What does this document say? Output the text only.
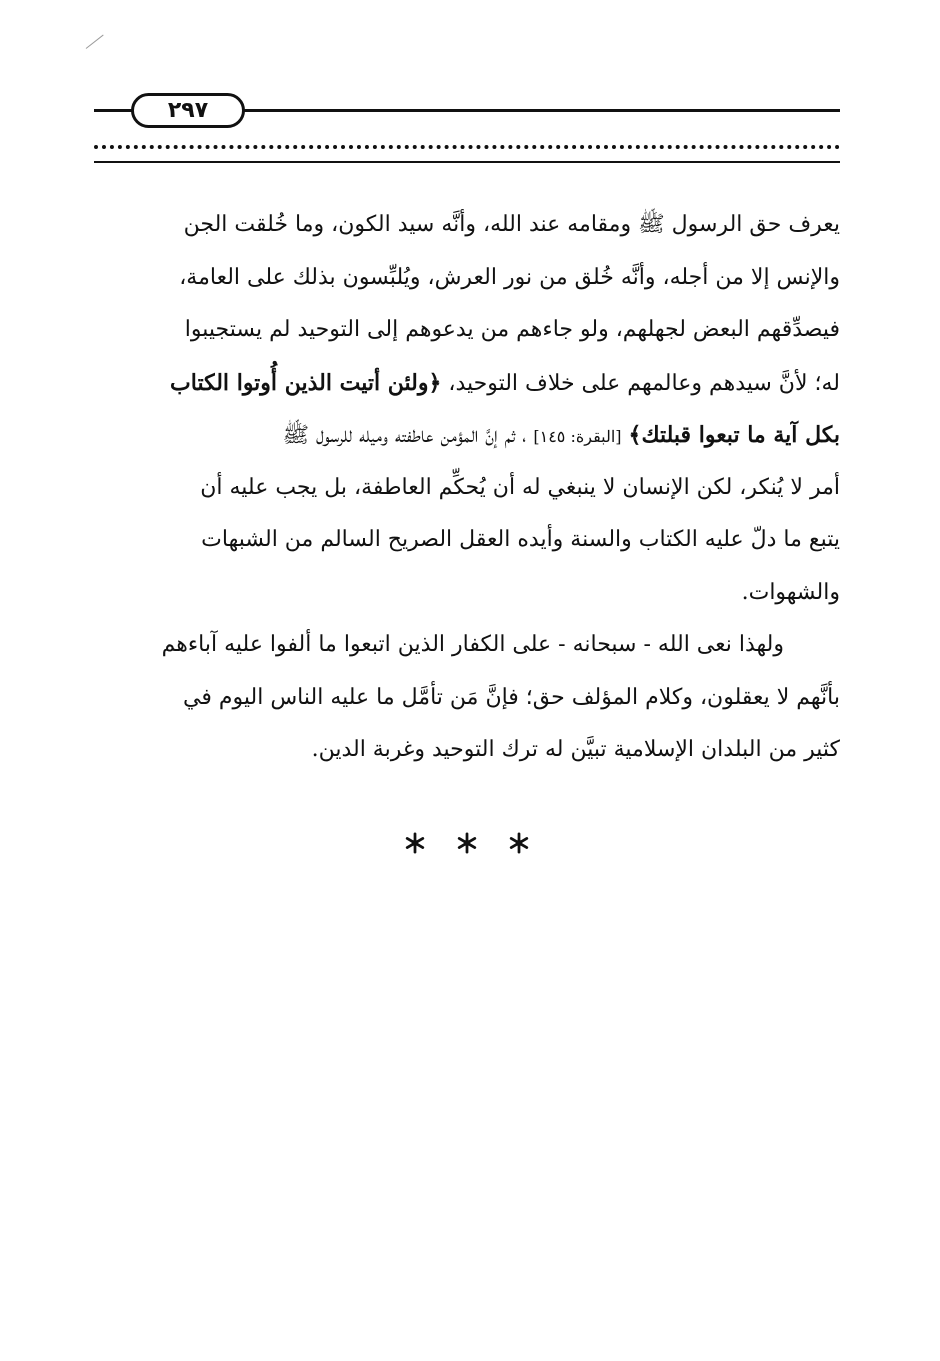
٢٩٧

يعرف حق الرسول ﷺ ومقامه عند الله، وأنَّه سيد الكون، وما خُلقت الجن
والإنس إلا من أجله، وأنَّه خُلق من نور العرش، ويُلبِّسون بذلك على العامة،
فيصدِّقهم البعض لجهلهم، ولو جاءهم من يدعوهم إلى التوحيد لم يستجيبوا
له؛ لأنَّ سيدهم وعالمهم على خلاف التوحيد، ﴿ولئن أتيت الذين أُوتوا الكتاب
بكل آية ما تبعوا قبلتك﴾ [البقرة: ١٤٥] ، ثم إنَّ المؤمن عاطفته وميله للرسول ﷺ
أمر لا يُنكر، لكن الإنسان لا ينبغي له أن يُحكِّم العاطفة، بل يجب عليه أن
يتبع ما دلّ عليه الكتاب والسنة وأيده العقل الصريح السالم من الشبهات
والشهوات.

ولهذا نعى الله - سبحانه - على الكفار الذين اتبعوا ما ألفوا عليه آباءهم
بأنَّهم لا يعقلون، وكلام المؤلف حق؛ فإنَّ مَن تأمَّل ما عليه الناس اليوم في
كثير من البلدان الإسلامية تبيَّن له ترك التوحيد وغربة الدين.
